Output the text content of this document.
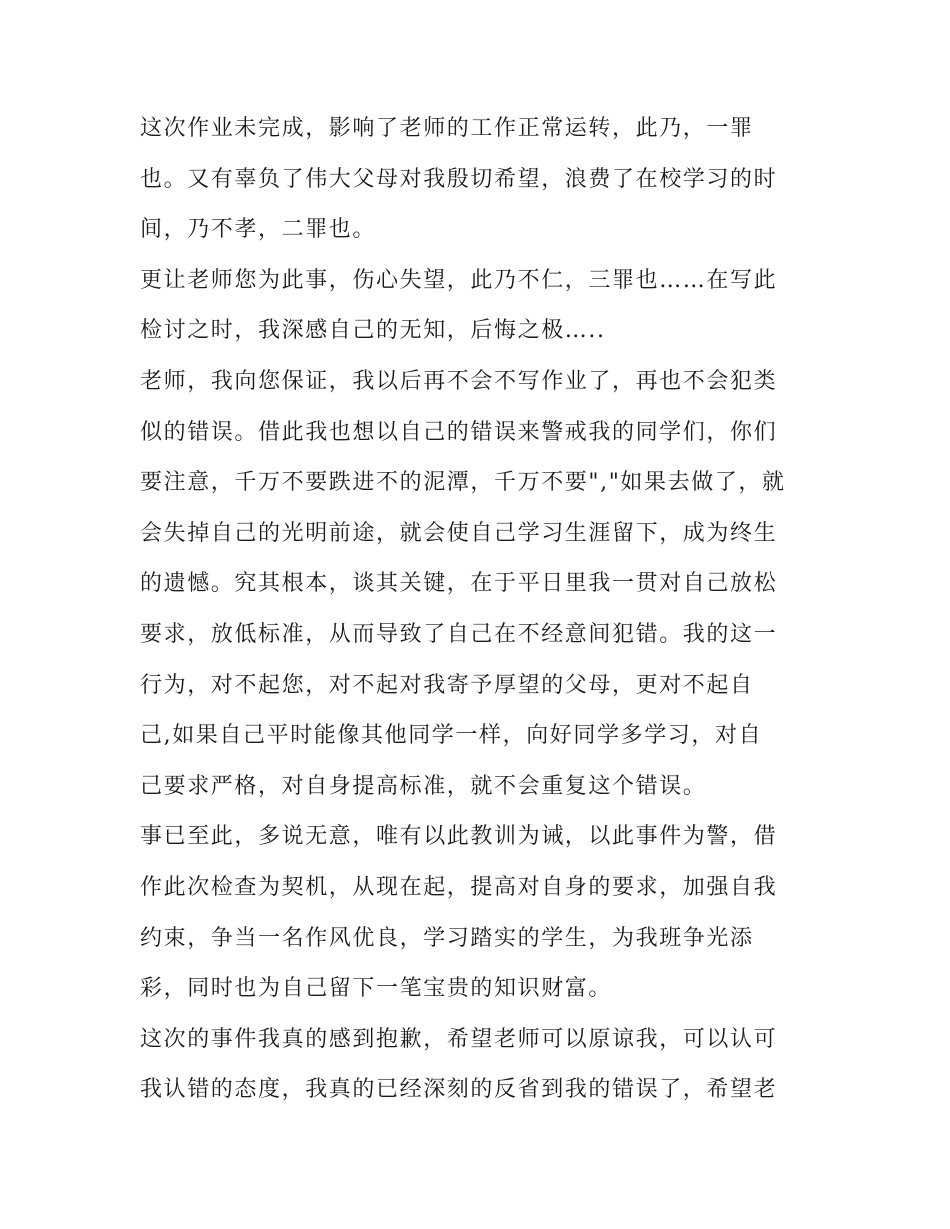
这次作业未完成，影响了老师的工作正常运转，此乃，一罪
也。又有辜负了伟大父母对我殷切希望，浪费了在校学习的时
间，乃不孝，二罪也。

更让老师您为此事，伤心失望，此乃不仁，三罪也……在写此
检讨之时，我深感自己的无知，后悔之极…..

老师，我向您保证，我以后再不会不写作业了，再也不会犯类
似的错误。借此我也想以自己的错误来警戒我的同学们，你们
要注意，千万不要跌进不的泥潭，千万不要","如果去做了，就
会失掉自己的光明前途，就会使自己学习生涯留下，成为终生
的遗憾。究其根本，谈其关键，在于平日里我一贯对自己放松
要求，放低标准，从而导致了自己在不经意间犯错。我的这一
行为，对不起您，对不起对我寄予厚望的父母，更对不起自
己,如果自己平时能像其他同学一样，向好同学多学习，对自
己要求严格，对自身提高标准，就不会重复这个错误。

事已至此，多说无意，唯有以此教训为诫，以此事件为警，借
作此次检查为契机，从现在起，提高对自身的要求，加强自我
约束，争当一名作风优良，学习踏实的学生，为我班争光添
彩，同时也为自己留下一笔宝贵的知识财富。

这次的事件我真的感到抱歉，希望老师可以原谅我，可以认可
我认错的态度，我真的已经深刻的反省到我的错误了，希望老
